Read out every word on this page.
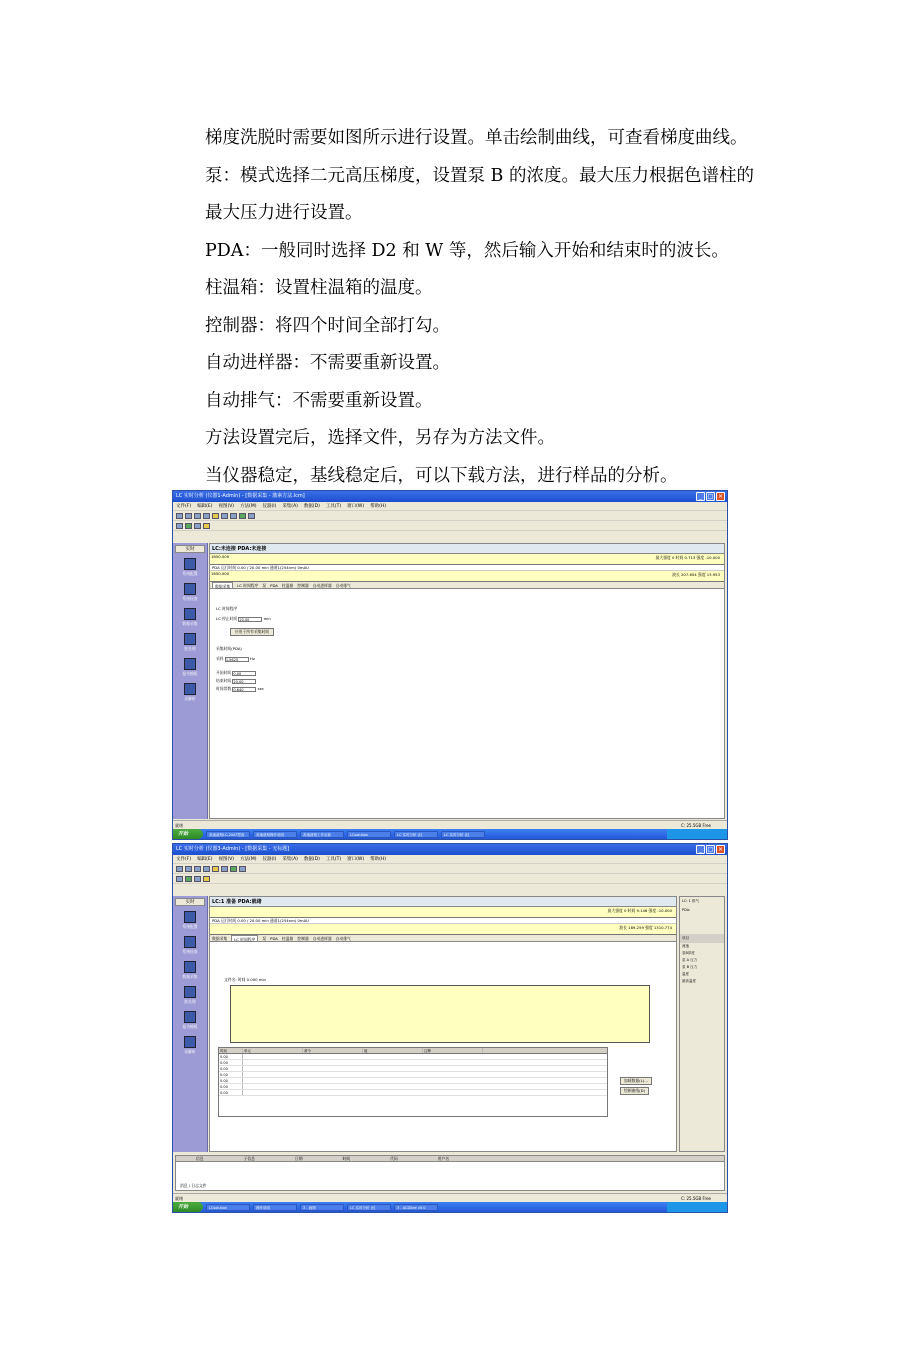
梯度洗脱时需要如图所示进行设置。单击绘制曲线，可查看梯度曲线。
泵：模式选择二元高压梯度，设置泵 B 的浓度。最大压力根据色谱柱的
最大压力进行设置。
PDA：一般同时选择 D2 和 W 等，然后输入开始和结束时的波长。
柱温箱：设置柱温箱的温度。
控制器：将四个时间全部打勾。
自动进样器：不需要重新设置。
自动排气：不需要重新设置。
方法设置完后，选择文件，另存为方法文件。
当仪器稳定，基线稳定后，可以下载方法，进行样品的分析。
LC 实时分析 (仪器1-Admin) - [数据采集 - 激素方法.lcm]	_ □ ×
文件(F) 编辑(E) 视图(V) 方法(M) 仪器(I) 采集(A) 数据(D) 工具(T) 窗口(W) 帮助(H)
实时
系统配置
系统检查
数据采集
批处理
报告模板
再解析
LC:未连接 PDA:未连接
1650.000	最大强度 0 时间 0.713 强度 -10.000
PDA 运行时间 0.00 / 20.00 min 通道1(254nm) 0mAU
1650.000	波长 207.654 强度 13.953
数据采集	LC 时间程序 泵 PDA 柱温箱 控制器 自动进样器 自动排气
LC 时间程序
LC 停止时间 20.00	min
应用于所有采集时间
采集时间(PDA)
采样 1.5625	Hz
开始时间 0.00
结束时间 20.00
时间常数 0.640	sec
就绪	C: 25.5GB Free
开始	高速液相LC-20AT型高	高速液相操作说明	高速液相工作站新	LCsolution	LC 实时分析 (仪	LC 实时分析 (仪
LC 实时分析 (仪器3-Admin) - [数据采集 - 无标题]	_ □ ×
文件(F) 编辑(E) 视图(V) 方法(M) 仪器(I) 采集(A) 数据(D) 工具(T) 窗口(W) 帮助(H)
实时
系统配置
系统检查
数据采集
批处理
报告模板
再解析
LC:1 准备 PDA:就绪
最大强度 0 时间 9.146 强度 -10.000
PDA 运行时间 0.00 / 20.00 min 通道1(254nm) 0mAU
波长 189.259 强度 1310.774
数据采集	LC 时间程序	泵 PDA 柱温箱 控制器 自动进样器 自动排气
文件名: 时间 0.000 min
时间	单元	命令	值	注释
0.00
0.00
0.00
0.00
0.00
0.00
0.00
加载数据(L)...
绘制曲线(D)
LC: 1 排气
PDA:
项目
流速
泵B浓度
泵 A 压力
泵 B 压力
温度
最高温度
信息	子信息	日期	时间	代码	用户名
消息 / 日志文件
就绪	C: 25.5GB Free
开始	LCsolution	操作说明	3 - 画图	LC 实时分析 (仪	3 - ACDSee v5.0
